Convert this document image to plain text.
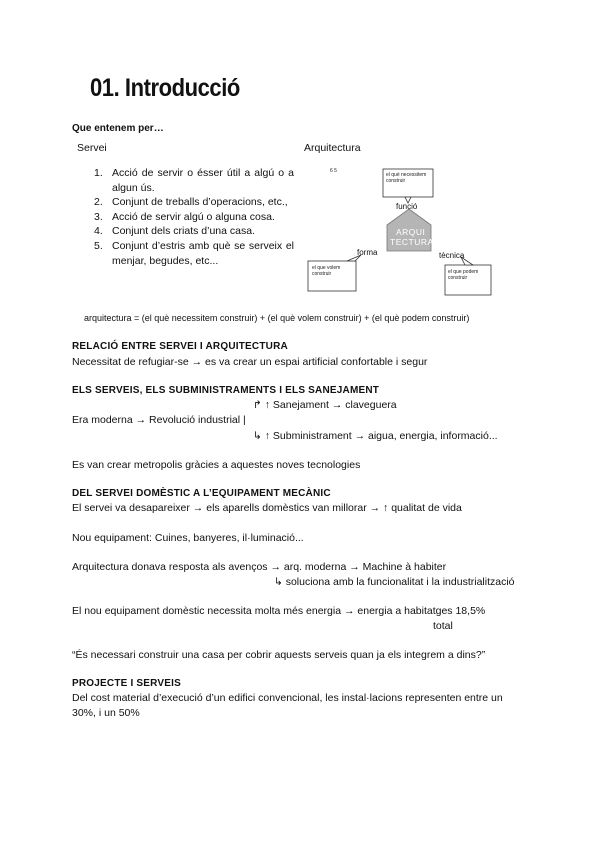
01. Introducció
Que entenem per…
Servei	Arquitectura
1. Acció de servir o ésser útil a algú o a algun ús.
2. Conjunt de treballs d’operacions, etc.,
3. Acció de servir algú o alguna cosa.
4. Conjunt dels criats d’una casa.
5. Conjunt d’estris amb què se serveix el menjar, begudes, etc...
6 5
el què necessitem construir
funció
ARQUI
TECTURA
forma	tècnica
el que volem construir	el que podem construir
arquitectura = (el què necessitem construir) + (el què volem construir) + (el què podem construir)
RELACIÓ ENTRE SERVEI I ARQUITECTURA
Necessitat de refugiar-se → es va crear un espai artificial confortable i segur
ELS SERVEIS, ELS SUBMINISTRAMENTS I ELS SANEJAMENT
↱ ↑ Sanejament → claveguera
Era moderna → Revolució industrial |
↳ ↑ Subministrament → aigua, energia, informació...
Es van crear metropolis gràcies a aquestes noves tecnologies
DEL SERVEI DOMÈSTIC A L’EQUIPAMENT MECÀNIC
El servei va desapareixer → els aparells domèstics van millorar → ↑ qualitat de vida
Nou equipament: Cuines, banyeres, il·luminació...
Arquitectura donava resposta als avenços → arq. moderna → Machine à habiter
↳ soluciona amb la funcionalitat i la industrialització
El nou equipament domèstic necessita molta més energia → energia a habitatges 18,5%
total
“És necessari construir una casa per cobrir aquests serveis quan ja els integrem a dins?”
PROJECTE I SERVEIS
Del cost material d’execució d’un edifici convencional, les instal·lacions representen entre un
30%, i un 50%
